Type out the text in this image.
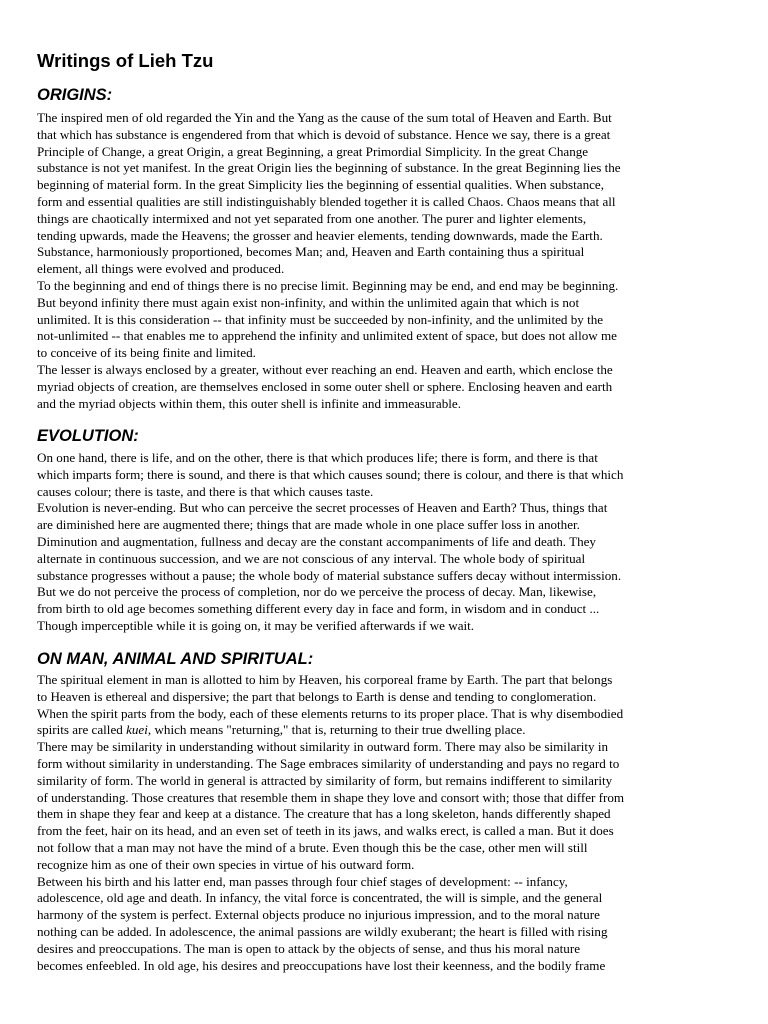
Writings of Lieh Tzu
ORIGINS:

The inspired men of old regarded the Yin and the Yang as the cause of the sum total of Heaven and Earth. But

that which has substance is engendered from that which is devoid of substance. Hence we say, there is a great

Principle of Change, a great Origin, a great Beginning, a great Primordial Simplicity. In the great Change

substance is not yet manifest. In the great Origin lies the beginning of substance. In the great Beginning lies the

beginning of material form. In the great Simplicity lies the beginning of essential qualities. When substance,

form and essential qualities are still indistinguishably blended together it is called Chaos. Chaos means that all

things are chaotically intermixed and not yet separated from one another. The purer and lighter elements,

tending upwards, made the Heavens; the grosser and heavier elements, tending downwards, made the Earth.

Substance, harmoniously proportioned, becomes Man; and, Heaven and Earth containing thus a spiritual

element, all things were evolved and produced.

To the beginning and end of things there is no precise limit. Beginning may be end, and end may be beginning.

But beyond infinity there must again exist non-infinity, and within the unlimited again that which is not

unlimited. It is this consideration -- that infinity must be succeeded by non-infinity, and the unlimited by the

not-unlimited -- that enables me to apprehend the infinity and unlimited extent of space, but does not allow me

to conceive of its being finite and limited.

The lesser is always enclosed by a greater, without ever reaching an end. Heaven and earth, which enclose the

myriad objects of creation, are themselves enclosed in some outer shell or sphere. Enclosing heaven and earth

and the myriad objects within them, this outer shell is infinite and immeasurable.

EVOLUTION:

On one hand, there is life, and on the other, there is that which produces life; there is form, and there is that

which imparts form; there is sound, and there is that which causes sound; there is colour, and there is that which

causes colour; there is taste, and there is that which causes taste.

Evolution is never-ending. But who can perceive the secret processes of Heaven and Earth? Thus, things that

are diminished here are augmented there; things that are made whole in one place suffer loss in another.

Diminution and augmentation, fullness and decay are the constant accompaniments of life and death. They

alternate in continuous succession, and we are not conscious of any interval. The whole body of spiritual

substance progresses without a pause; the whole body of material substance suffers decay without intermission.

But we do not perceive the process of completion, nor do we perceive the process of decay. Man, likewise,

from birth to old age becomes something different every day in face and form, in wisdom and in conduct ...

Though imperceptible while it is going on, it may be verified afterwards if we wait.

ON MAN, ANIMAL AND SPIRITUAL:

The spiritual element in man is allotted to him by Heaven, his corporeal frame by Earth. The part that belongs

to Heaven is ethereal and dispersive; the part that belongs to Earth is dense and tending to conglomeration.

When the spirit parts from the body, each of these elements returns to its proper place. That is why disembodied

spirits are called kuei, which means "returning," that is, returning to their true dwelling place.

There may be similarity in understanding without similarity in outward form. There may also be similarity in

form without similarity in understanding. The Sage embraces similarity of understanding and pays no regard to

similarity of form. The world in general is attracted by similarity of form, but remains indifferent to similarity

of understanding. Those creatures that resemble them in shape they love and consort with; those that differ from

them in shape they fear and keep at a distance. The creature that has a long skeleton, hands differently shaped

from the feet, hair on its head, and an even set of teeth in its jaws, and walks erect, is called a man. But it does

not follow that a man may not have the mind of a brute. Even though this be the case, other men will still

recognize him as one of their own species in virtue of his outward form.

Between his birth and his latter end, man passes through four chief stages of development: -- infancy,

adolescence, old age and death. In infancy, the vital force is concentrated, the will is simple, and the general

harmony of the system is perfect. External objects produce no injurious impression, and to the moral nature

nothing can be added. In adolescence, the animal passions are wildly exuberant; the heart is filled with rising

desires and preoccupations. The man is open to attack by the objects of sense, and thus his moral nature

becomes enfeebled. In old age, his desires and preoccupations have lost their keenness, and the bodily frame
